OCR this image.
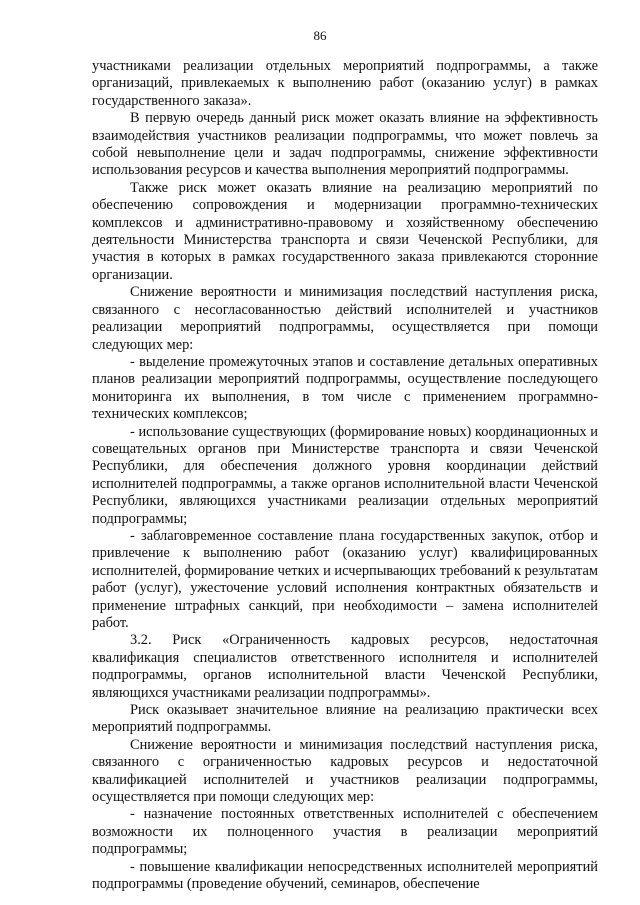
86

участниками реализации отдельных мероприятий подпрограммы, а также организаций, привлекаемых к выполнению работ (оказанию услуг) в рамках государственного заказа».

В первую очередь данный риск может оказать влияние на эффективность взаимодействия участников реализации подпрограммы, что может повлечь за собой невыполнение цели и задач подпрограммы, снижение эффективности использования ресурсов и качества выполнения мероприятий подпрограммы.

Также риск может оказать влияние на реализацию мероприятий по обеспечению сопровождения и модернизации программно-технических комплексов и административно-правовому и хозяйственному обеспечению деятельности Министерства транспорта и связи Чеченской Республики, для участия в которых в рамках государственного заказа привлекаются сторонние организации.

Снижение вероятности и минимизация последствий наступления риска, связанного с несогласованностью действий исполнителей и участников реализации мероприятий подпрограммы, осуществляется при помощи следующих мер:

- выделение промежуточных этапов и составление детальных оперативных планов реализации мероприятий подпрограммы, осуществление последующего мониторинга их выполнения, в том числе с применением программно-технических комплексов;

- использование существующих (формирование новых) координационных и совещательных органов при Министерстве транспорта и связи Чеченской Республики, для обеспечения должного уровня координации действий исполнителей подпрограммы, а также органов исполнительной власти Чеченской Республики, являющихся участниками реализации отдельных мероприятий подпрограммы;

- заблаговременное составление плана государственных закупок, отбор и привлечение к выполнению работ (оказанию услуг) квалифицированных исполнителей, формирование четких и исчерпывающих требований к результатам работ (услуг), ужесточение условий исполнения контрактных обязательств и применение штрафных санкций, при необходимости – замена исполнителей работ.

3.2. Риск «Ограниченность кадровых ресурсов, недостаточная квалификация специалистов ответственного исполнителя и исполнителей подпрограммы, органов исполнительной власти Чеченской Республики, являющихся участниками реализации подпрограммы».

Риск оказывает значительное влияние на реализацию практически всех мероприятий подпрограммы.

Снижение вероятности и минимизация последствий наступления риска, связанного с ограниченностью кадровых ресурсов и недостаточной квалификацией исполнителей и участников реализации подпрограммы, осуществляется при помощи следующих мер:

- назначение постоянных ответственных исполнителей с обеспечением возможности их полноценного участия в реализации мероприятий подпрограммы;

- повышение квалификации непосредственных исполнителей мероприятий подпрограммы (проведение обучений, семинаров, обеспечение
